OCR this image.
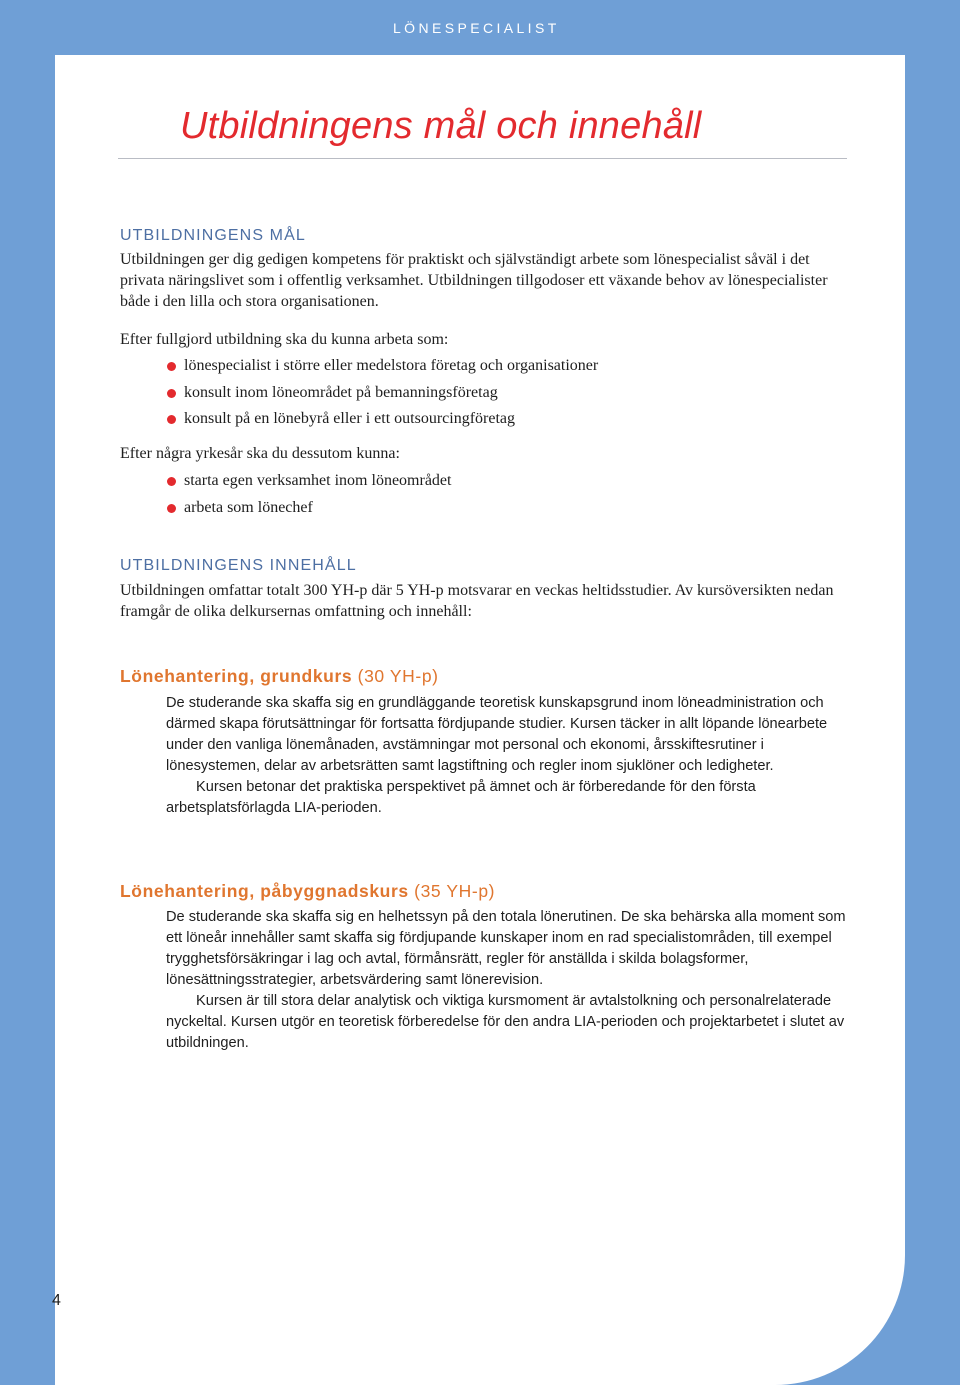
LÖNESPECIALIST
Utbildningens mål och innehåll
UTBILDNINGENS MÅL

Utbildningen ger dig gedigen kompetens för praktiskt och självständigt arbete som lönespecialist såväl i det privata näringslivet som i offentlig verksamhet. Utbildningen tillgodoser ett växande behov av lönespecialister både i den lilla och stora organisationen.

Efter fullgjord utbildning ska du kunna arbeta som:
lönespecialist i större eller medelstora företag och organisationer
konsult inom löneområdet på bemanningsföretag
konsult på en lönebyrå eller i ett outsourcingföretag
Efter några yrkesår ska du dessutom kunna:
starta egen verksamhet inom löneområdet
arbeta som lönechef
UTBILDNINGENS INNEHÅLL

Utbildningen omfattar totalt 300 YH-p där 5 YH-p motsvarar en veckas heltidsstudier. Av kursöversikten nedan framgår de olika delkursernas omfattning och innehåll:

Lönehantering, grundkurs (30 YH-p)
De studerande ska skaffa sig en grundläggande teoretisk kunskapsgrund inom löneadministration och därmed skapa förutsättningar för fortsatta fördjupande studier. Kursen täcker in allt löpande lönearbete under den vanliga lönemånaden, avstämningar mot personal och ekonomi, årsskiftesrutiner i lönesystemen, delar av arbetsrätten samt lagstiftning och regler inom sjuklöner och ledigheter.
Kursen betonar det praktiska perspektivet på ämnet och är förberedande för den första arbetsplatsförlagda LIA-perioden.
Lönehantering, påbyggnadskurs (35 YH-p)
De studerande ska skaffa sig en helhetssyn på den totala lönerutinen. De ska behärska alla moment som ett löneår innehåller samt skaffa sig fördjupande kunskaper inom en rad specialistområden, till exempel trygghetsförsäkringar i lag och avtal, förmånsrätt, regler för anställda i skilda bolagsformer, lönesättningsstrategier, arbetsvärdering samt lönerevision.
Kursen är till stora delar analytisk och viktiga kursmoment är avtalstolkning och personalrelaterade nyckeltal. Kursen utgör en teoretisk förberedelse för den andra LIA-perioden och projektarbetet i slutet av utbildningen.
4
